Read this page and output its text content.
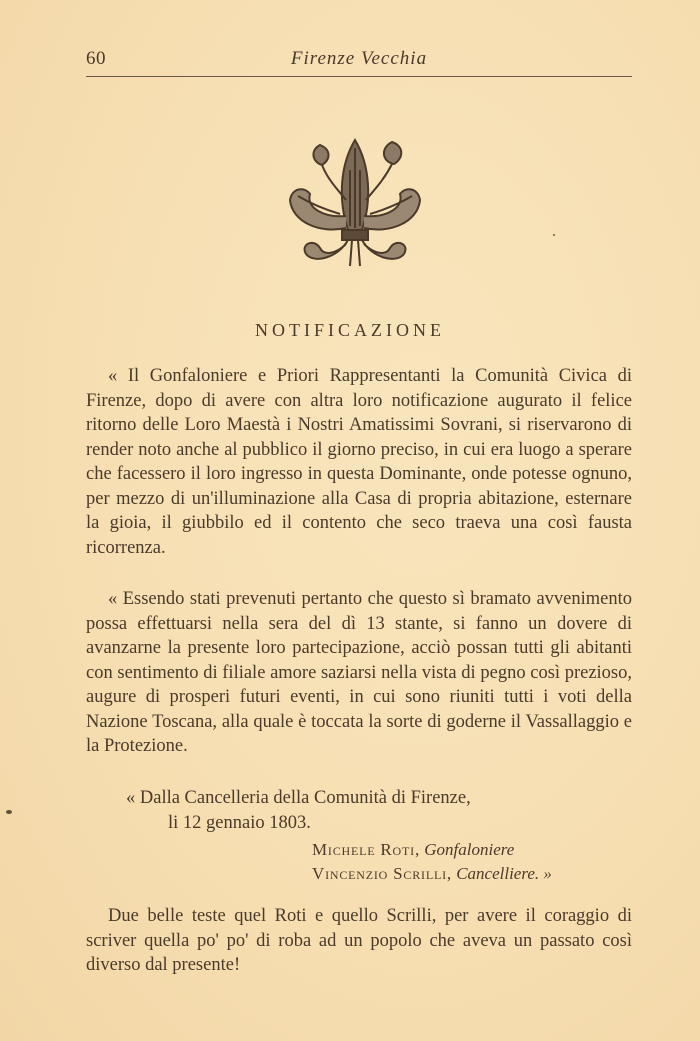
60	Firenze Vecchia
NOTIFICAZIONE

« Il Gonfaloniere e Priori Rappresentanti la Comunità Civica di Firenze, dopo di avere con altra loro notificazione augurato il felice ritorno delle Loro Maestà i Nostri Amatissimi Sovrani, si riservarono di render noto anche al pubblico il giorno preciso, in cui era luogo a sperare che facessero il loro ingresso in questa Dominante, onde potesse ognuno, per mezzo di un'illuminazione alla Casa di propria abitazione, esternare la gioia, il giubbilo ed il contento che seco traeva una così fausta ricorrenza.

« Essendo stati prevenuti pertanto che questo sì bramato avvenimento possa effettuarsi nella sera del dì 13 stante, si fanno un dovere di avanzarne la presente loro partecipazione, acciò possan tutti gli abitanti con sentimento di filiale amore saziarsi nella vista di pegno così prezioso, augure di prosperi futuri eventi, in cui sono riuniti tutti i voti della Nazione Toscana, alla quale è toccata la sorte di goderne il Vassallaggio e la Protezione.

« Dalla Cancelleria della Comunità di Firenze,
li 12 gennaio 1803.
Michele Roti, Gonfaloniere
Vincenzio Scrilli, Cancelliere. »

Due belle teste quel Roti e quello Scrilli, per avere il coraggio di scriver quella po' po' di roba ad un popolo che aveva un passato così diverso dal presente!
